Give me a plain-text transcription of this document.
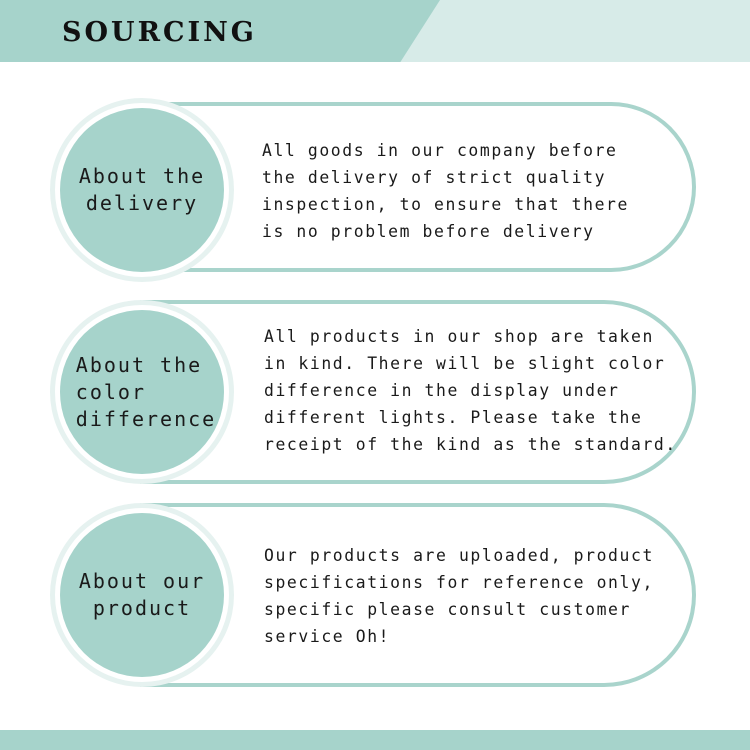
SOURCING
About the
delivery

All goods in our company before
the delivery of strict quality
inspection, to ensure that there
is no problem before delivery

About the
color
difference

All products in our shop are taken
in kind. There will be slight color
difference in the display under
different lights. Please take the
receipt of the kind as the standard.

About our
product

Our products are uploaded, product
specifications for reference only,
specific please consult customer
service Oh!
